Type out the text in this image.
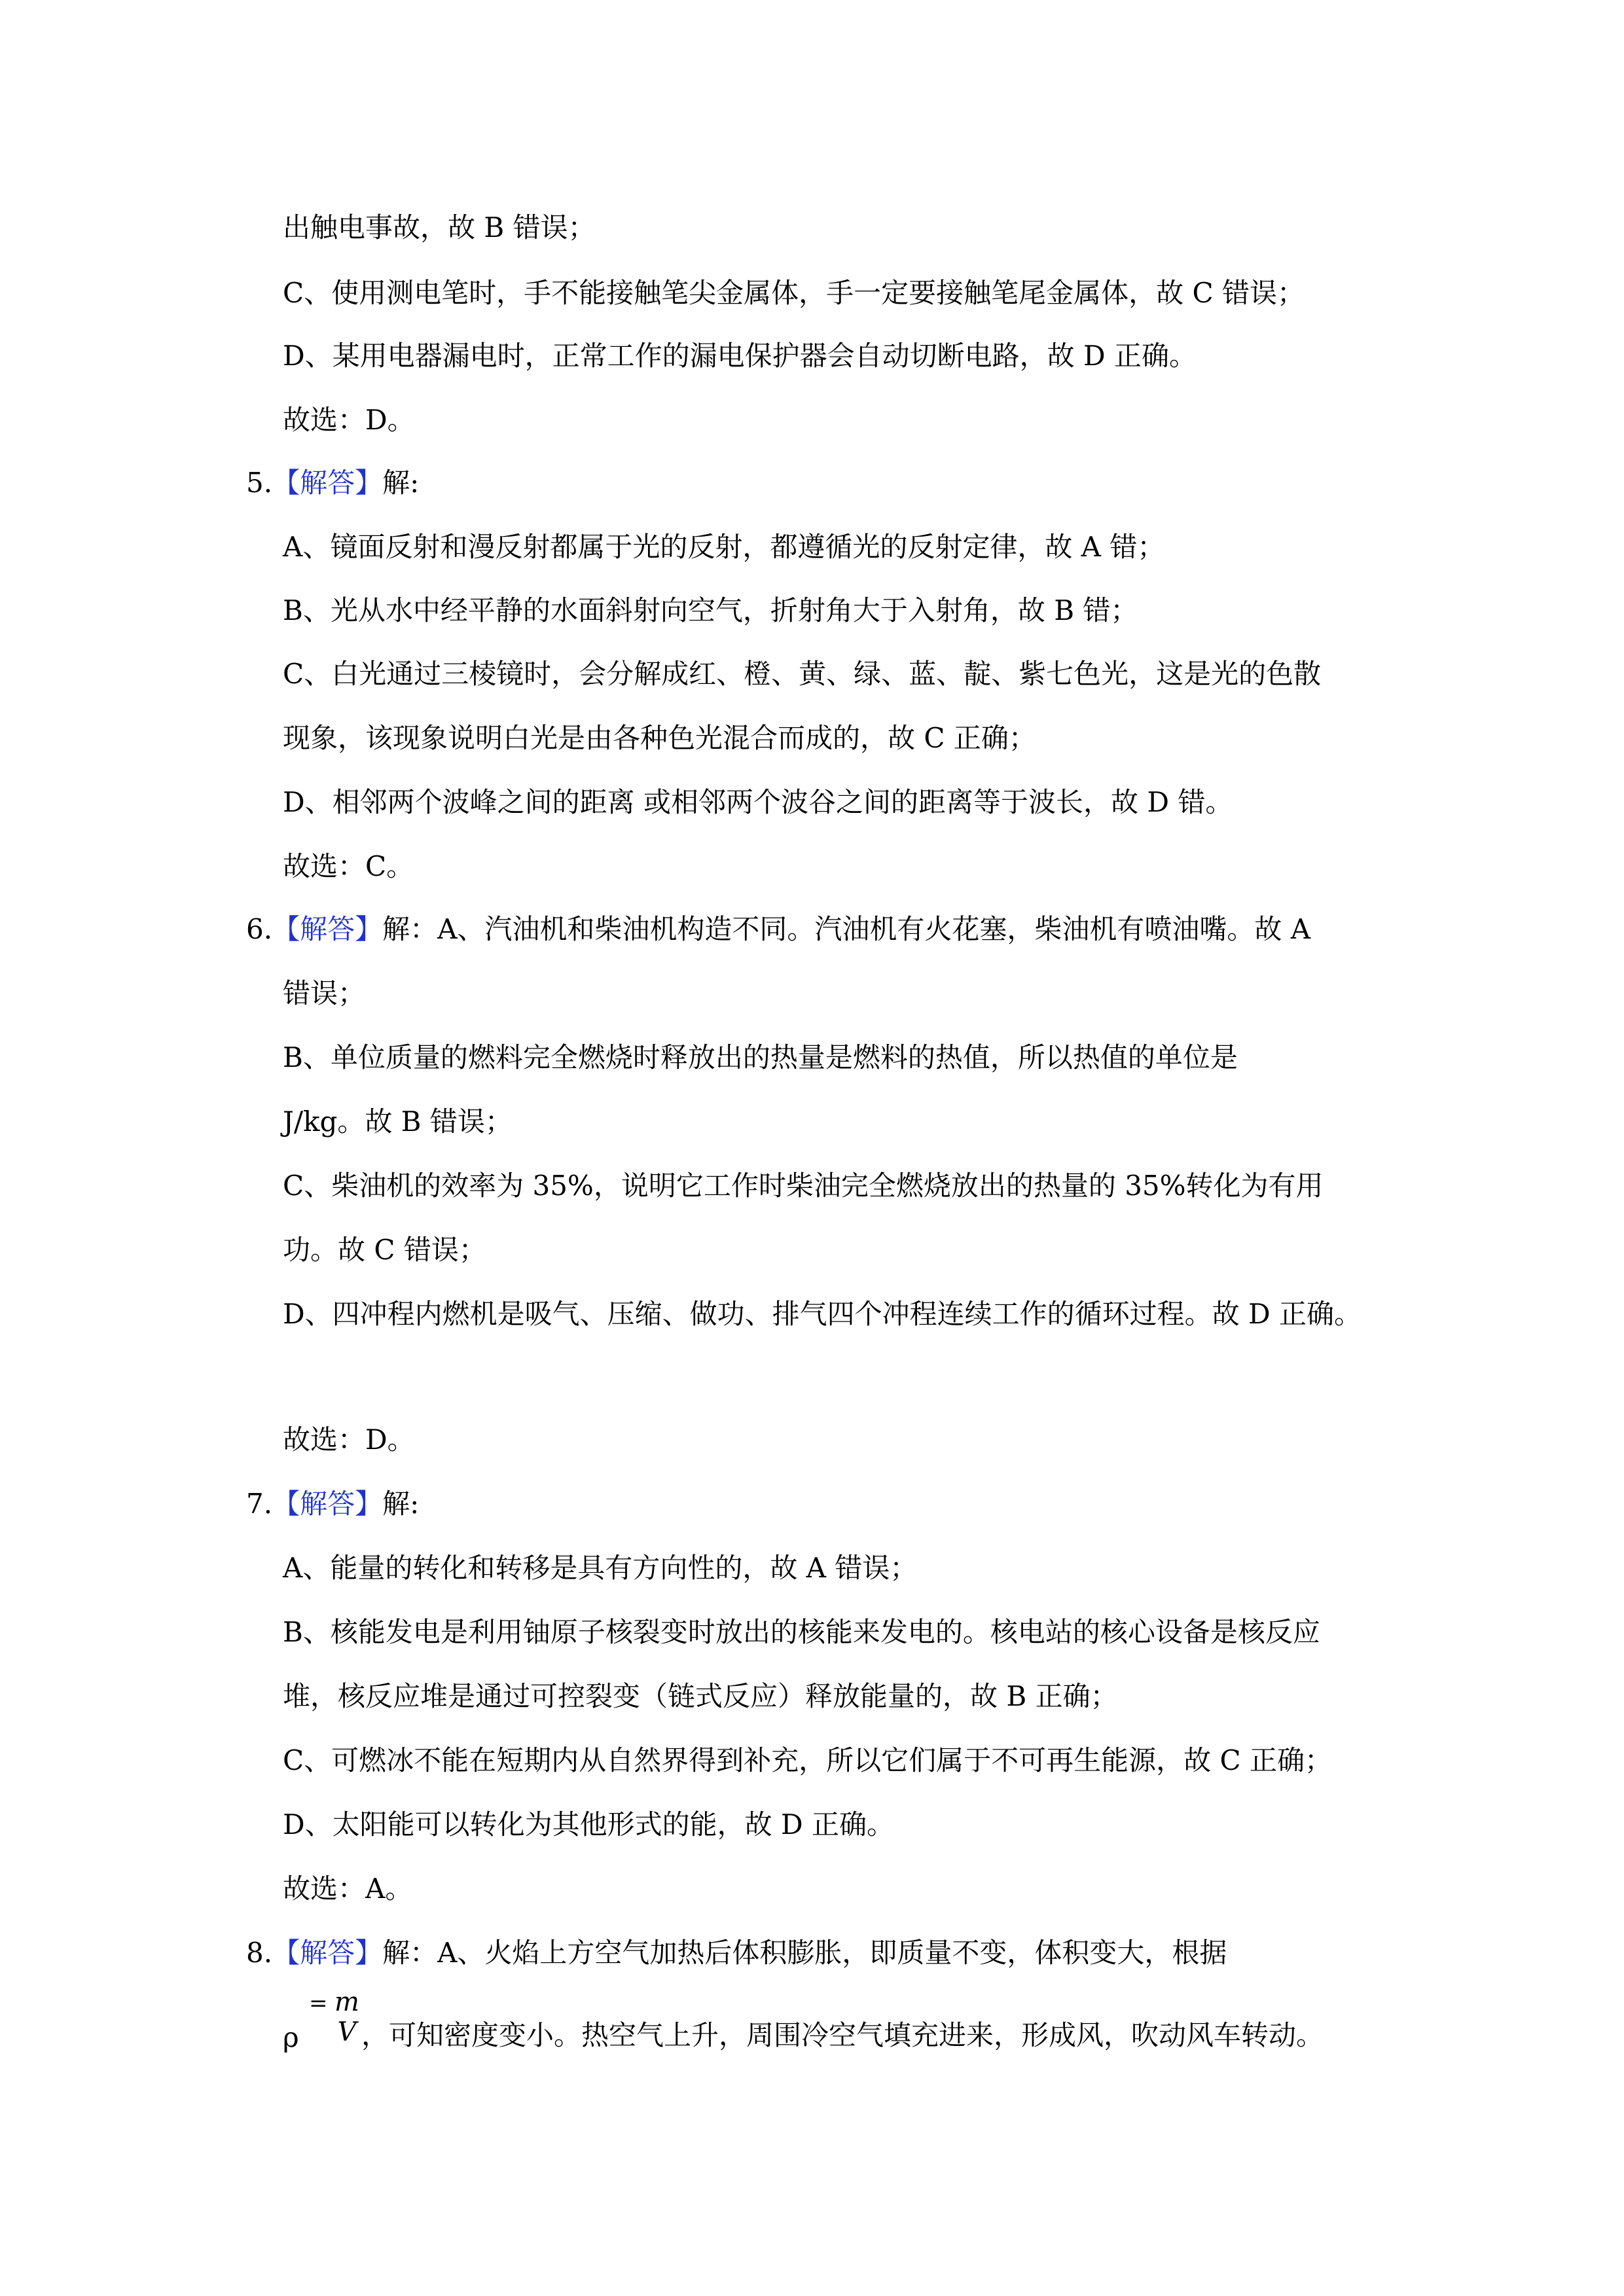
出触电事故，故 B 错误；
C、使用测电笔时，手不能接触笔尖金属体，手一定要接触笔尾金属体，故 C 错误；
D、某用电器漏电时，正常工作的漏电保护器会自动切断电路，故 D 正确。
故选：D。
5.【解答】解:
A、镜面反射和漫反射都属于光的反射，都遵循光的反射定律，故 A 错；
B、光从水中经平静的水面斜射向空气，折射角大于入射角，故 B 错；
C、白光通过三棱镜时，会分解成红、橙、黄、绿、蓝、靛、紫七色光，这是光的色散
现象，该现象说明白光是由各种色光混合而成的，故 C 正确；
D、相邻两个波峰之间的距离 或相邻两个波谷之间的距离等于波长，故 D 错。
故选：C。
6.【解答】解：A、汽油机和柴油机构造不同。汽油机有火花塞，柴油机有喷油嘴。故 A
错误；
B、单位质量的燃料完全燃烧时释放出的热量是燃料的热值，所以热值的单位是
J/kg。故 B 错误；
C、柴油机的效率为 35%，说明它工作时柴油完全燃烧放出的热量的 35%转化为有用
功。故 C 错误；
D、四冲程内燃机是吸气、压缩、做功、排气四个冲程连续工作的循环过程。故 D 正确。
故选：D。
7.【解答】解:
A、能量的转化和转移是具有方向性的，故 A 错误；
B、核能发电是利用铀原子核裂变时放出的核能来发电的。核电站的核心设备是核反应
堆，核反应堆是通过可控裂变（链式反应）释放能量的，故 B 正确；
C、可燃冰不能在短期内从自然界得到补充，所以它们属于不可再生能源，故 C 正确；
D、太阳能可以转化为其他形式的能，故 D 正确。
故选：A。
8.【解答】解：A、火焰上方空气加热后体积膨胀，即质量不变，体积变大，根据
ρ
= m
V ，可知密度变小。热空气上升，周围冷空气填充进来，形成风，吹动风车转动。
